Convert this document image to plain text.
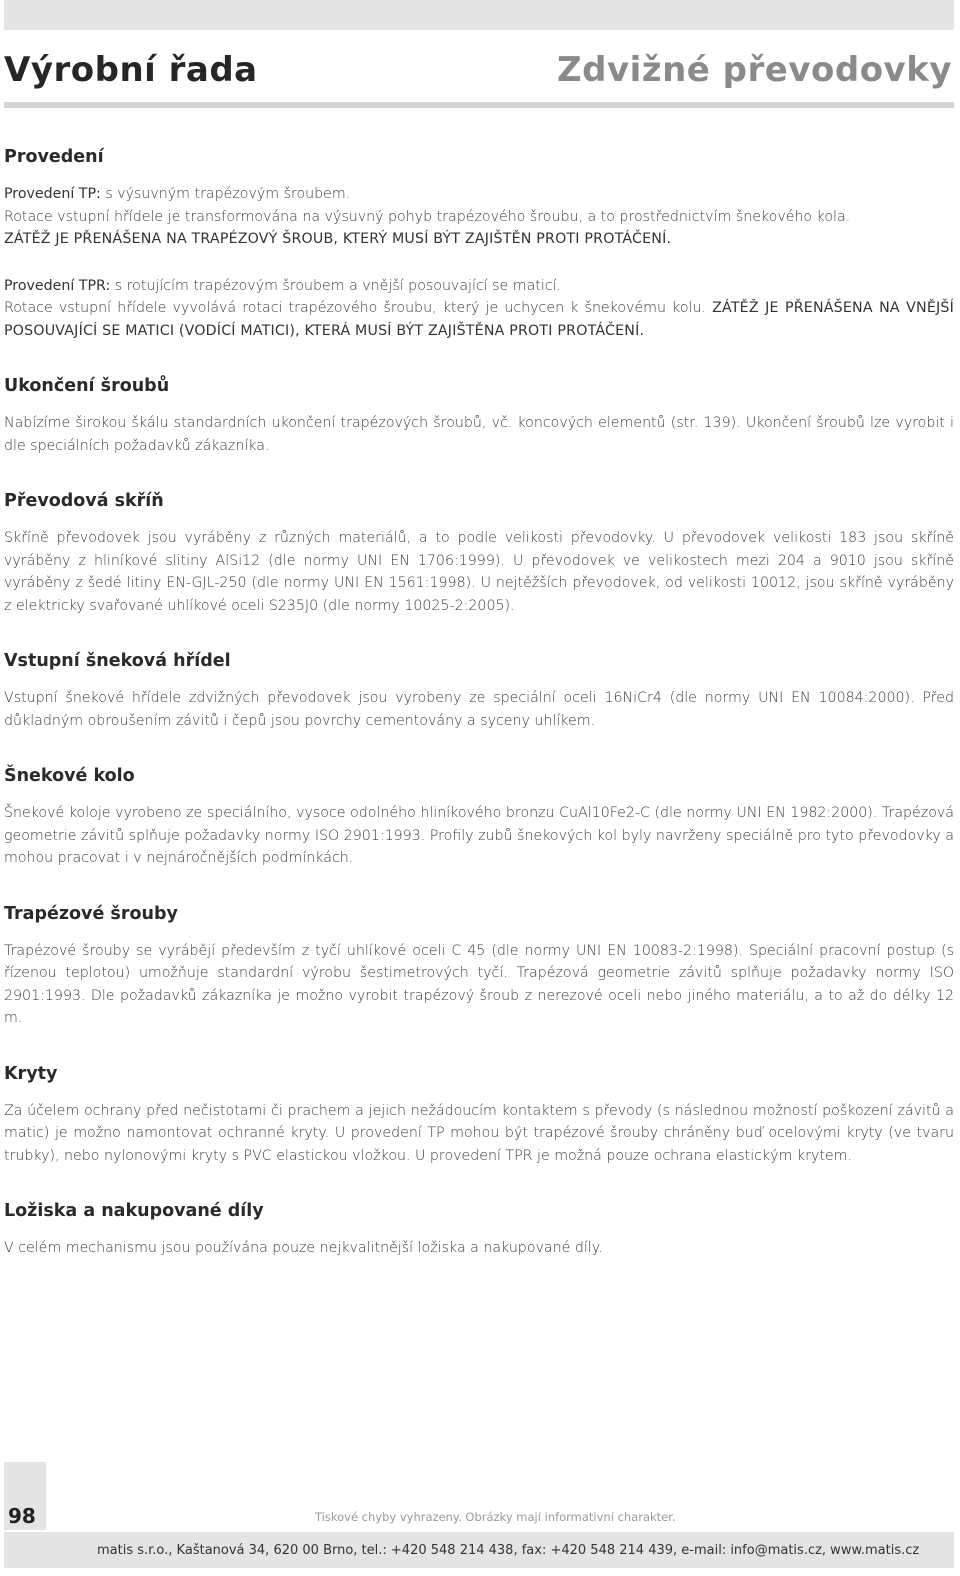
Výrobní řada	Zdvižné převodovky
Provedení

Provedení TP: s výsuvným trapézovým šroubem.

Rotace vstupní hřídele je transformována na výsuvný pohyb trapézového šroubu, a to prostřednictvím šnekového kola.

ZÁTĚŽ JE PŘENÁŠENA NA TRAPÉZOVÝ ŠROUB, KTERÝ MUSÍ BÝT ZAJIŠTĚN PROTI PROTÁČENÍ.

Provedení TPR: s rotujícím trapézovým šroubem a vnější posouvající se maticí.

Rotace vstupní hřídele vyvolává rotaci trapézového šroubu, který je uchycen k šnekovému kolu. ZÁTĚŽ JE PŘENÁŠENA NA VNĚJŠÍ POSOUVAJÍCÍ SE MATICI (VODÍCÍ MATICI), KTERÁ MUSÍ BÝT ZAJIŠTĚNA PROTI PROTÁČENÍ.

Ukončení šroubů

Nabízíme širokou škálu standardních ukončení trapézových šroubů, vč. koncových elementů (str. 139). Ukončení šroubů lze vyrobit i dle speciálních požadavků zákazníka.

Převodová skříň

Skříně převodovek jsou vyráběny z různých materiálů, a to podle velikosti převodovky. U převodovek velikosti 183 jsou skříně vyráběny z hliníkové slitiny AlSi12 (dle normy UNI EN 1706:1999). U převodovek ve velikostech mezi 204 a 9010 jsou skříně vyráběny z šedé litiny EN-GJL-250 (dle normy UNI EN 1561:1998). U nejtěžších převodovek, od velikosti 10012, jsou skříně vyráběny z elektricky svařované uhlíkové oceli S235J0 (dle normy 10025-2:2005).

Vstupní šneková hřídel

Vstupní šnekové hřídele zdvižných převodovek jsou vyrobeny ze speciální oceli 16NiCr4 (dle normy UNI EN 10084:2000). Před důkladným obroušením závitů i čepů jsou povrchy cementovány a syceny uhlíkem.

Šnekové kolo

Šnekové koloje vyrobeno ze speciálního, vysoce odolného hliníkového bronzu CuAl10Fe2-C (dle normy UNI EN 1982:2000). Trapézová geometrie závitů splňuje požadavky normy ISO 2901:1993. Profily zubů šnekových kol byly navrženy speciálně pro tyto převodovky a mohou pracovat i v nejnáročnějších podmínkách.

Trapézové šrouby

Trapézové šrouby se vyrábějí především z tyčí uhlíkové oceli C 45 (dle normy UNI EN 10083-2:1998). Speciální pracovní postup (s řízenou teplotou) umožňuje standardní výrobu šestimetrových tyčí. Trapézová geometrie závitů splňuje požadavky normy ISO 2901:1993. Dle požadavků zákazníka je možno vyrobit trapézový šroub z nerezové oceli nebo jiného materiálu, a to až do délky 12 m.

Kryty

Za účelem ochrany před nečistotami či prachem a jejich nežádoucím kontaktem s převody (s následnou možností poškození závitů a matic) je možno namontovat ochranné kryty. U provedení TP mohou být trapézové šrouby chráněny buď ocelovými kryty (ve tvaru trubky), nebo nylonovými kryty s PVC elastickou vložkou. U provedení TPR je možná pouze ochrana elastickým krytem.

Ložiska a nakupované díly

V celém mechanismu jsou používána pouze nejkvalitnější ložiska a nakupované díly.

98	Tiskové chyby vyhrazeny. Obrázky mají informativní charakter.
matis s.r.o., Kaštanová 34, 620 00 Brno, tel.: +420 548 214 438, fax: +420 548 214 439, e-mail: info@matis.cz, www.matis.cz
